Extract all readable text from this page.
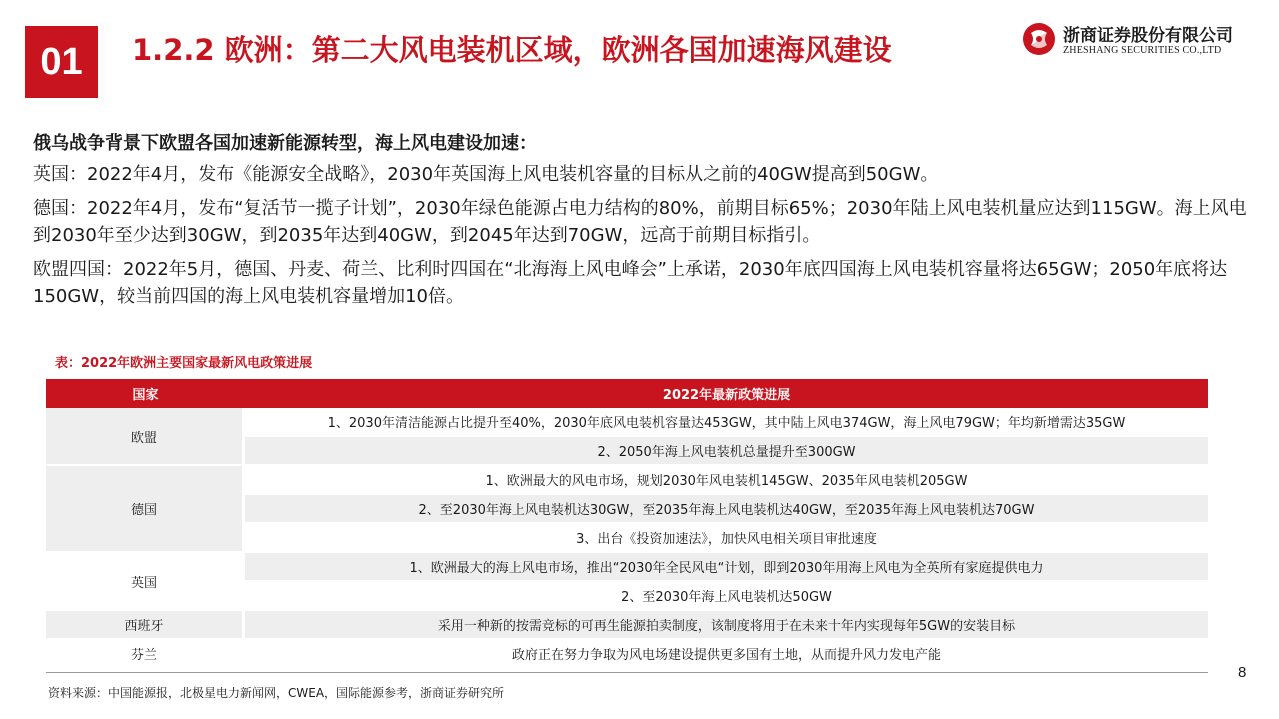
01	1.2.2 欧洲：第二大风电装机区域，欧洲各国加速海风建设	浙商证券股份有限公司
ZHESHANG SECURITIES CO.,LTD

俄乌战争背景下欧盟各国加速新能源转型，海上风电建设加速：

英国：2022年4月，发布《能源安全战略》，2030年英国海上风电装机容量的目标从之前的40GW提高到50GW。

德国：2022年4月，发布“复活节一揽子计划”，2030年绿色能源占电力结构的80%，前期目标65%；2030年陆上风电装机量应达到115GW。海上风电到2030年至少达到30GW，到2035年达到40GW，到2045年达到70GW，远高于前期目标指引。

欧盟四国：2022年5月，德国、丹麦、荷兰、比利时四国在“北海海上风电峰会”上承诺，2030年底四国海上风电装机容量将达65GW；2050年底将达150GW，较当前四国的海上风电装机容量增加10倍。

表：2022年欧洲主要国家最新风电政策进展
国家	2022年最新政策进展
欧盟	1、2030年清洁能源占比提升至40%，2030年底风电装机容量达453GW，其中陆上风电374GW，海上风电79GW；年均新增需达35GW
	2、2050年海上风电装机总量提升至300GW
德国	1、欧洲最大的风电市场，规划2030年风电装机145GW、2035年风电装机205GW
	2、至2030年海上风电装机达30GW，至2035年海上风电装机达40GW，至2035年海上风电装机达70GW
	3、出台《投资加速法》，加快风电相关项目审批速度
英国	1、欧洲最大的海上风电市场，推出“2030年全民风电“计划，即到2030年用海上风电为全英所有家庭提供电力
	2、至2030年海上风电装机达50GW
西班牙	采用一种新的按需竞标的可再生能源拍卖制度，该制度将用于在未来十年内实现每年5GW的安装目标
芬兰	政府正在努力争取为风电场建设提供更多国有土地，从而提升风力发电产能
资料来源：中国能源报，北极星电力新闻网，CWEA，国际能源参考，浙商证券研究所
8
